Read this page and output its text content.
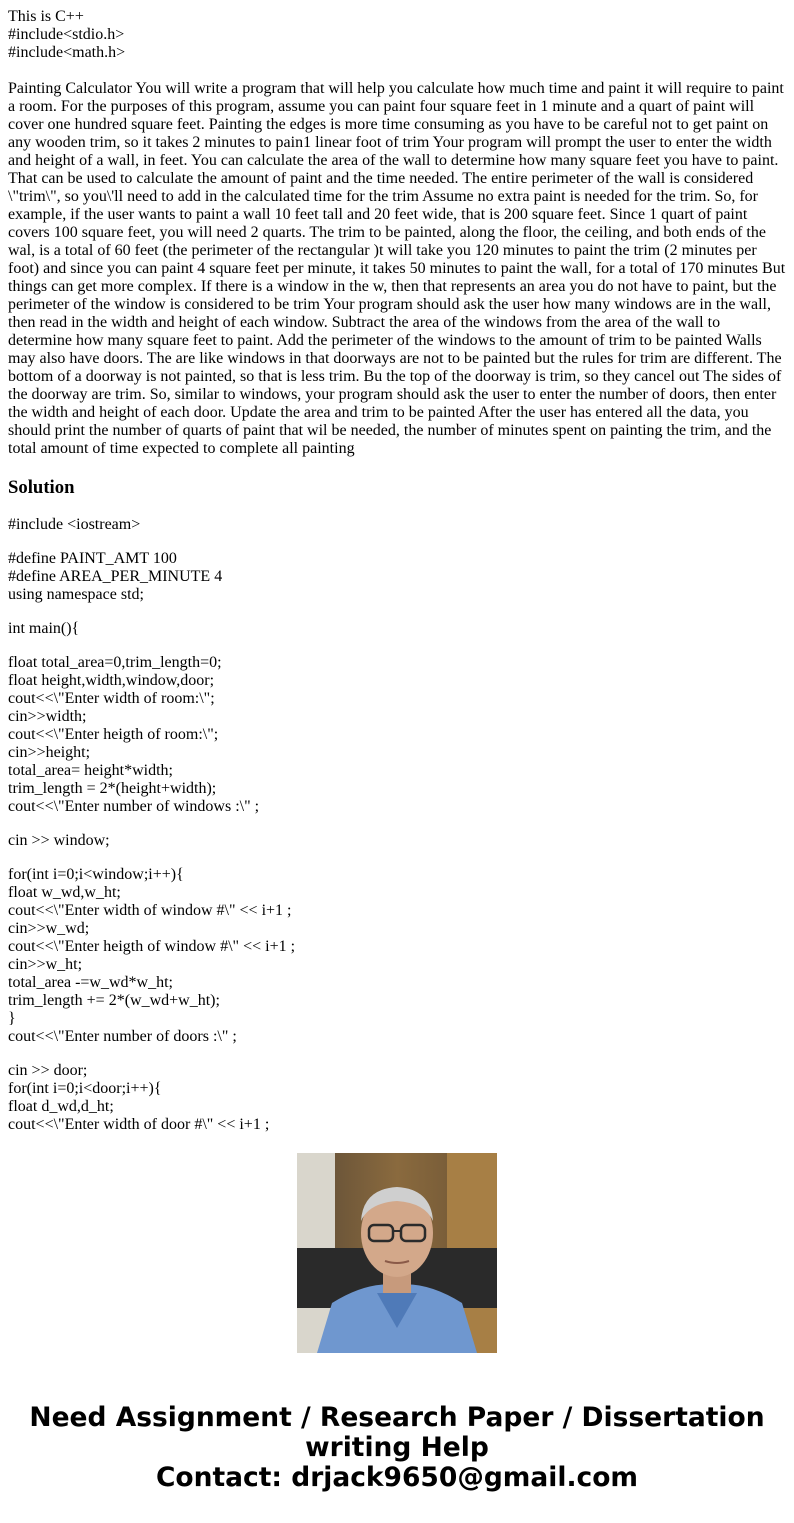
This is C++
#include<stdio.h>
#include<math.h>

Painting Calculator You will write a program that will help you calculate how much time and paint it will require to paint a room. For the purposes of this program, assume you can paint four square feet in 1 minute and a quart of paint will cover one hundred square feet. Painting the edges is more time consuming as you have to be careful not to get paint on any wooden trim, so it takes 2 minutes to pain1 linear foot of trim Your program will prompt the user to enter the width and height of a wall, in feet. You can calculate the area of the wall to determine how many square feet you have to paint. That can be used to calculate the amount of paint and the time needed. The entire perimeter of the wall is considered \"trim\", so you\'ll need to add in the calculated time for the trim Assume no extra paint is needed for the trim. So, for example, if the user wants to paint a wall 10 feet tall and 20 feet wide, that is 200 square feet. Since 1 quart of paint covers 100 square feet, you will need 2 quarts. The trim to be painted, along the floor, the ceiling, and both ends of the wal, is a total of 60 feet (the perimeter of the rectangular )t will take you 120 minutes to paint the trim (2 minutes per foot) and since you can paint 4 square feet per minute, it takes 50 minutes to paint the wall, for a total of 170 minutes But things can get more complex. If there is a window in the w, then that represents an area you do not have to paint, but the perimeter of the window is considered to be trim Your program should ask the user how many windows are in the wall, then read in the width and height of each window. Subtract the area of the windows from the area of the wall to determine how many square feet to paint. Add the perimeter of the windows to the amount of trim to be painted Walls may also have doors. The are like windows in that doorways are not to be painted but the rules for trim are different. The bottom of a doorway is not painted, so that is less trim. Bu the top of the doorway is trim, so they cancel out The sides of the doorway are trim. So, similar to windows, your program should ask the user to enter the number of doors, then enter the width and height of each door. Update the area and trim to be painted After the user has entered all the data, you should print the number of quarts of paint that wil be needed, the number of minutes spent on painting the trim, and the total amount of time expected to complete all painting

Solution
#include <iostream>
#define PAINT_AMT 100
#define AREA_PER_MINUTE 4
using namespace std;
int main(){
float total_area=0,trim_length=0;
float height,width,window,door;
cout<<\"Enter width of room:\";
cin>>width;
cout<<\"Enter heigth of room:\";
cin>>height;
total_area= height*width;
trim_length = 2*(height+width);
cout<<\"Enter number of windows :\" ;
cin >> window;
for(int i=0;i<window;i++){
float w_wd,w_ht;
cout<<\"Enter width of window #\" << i+1 ;
cin>>w_wd;
cout<<\"Enter heigth of window #\" << i+1 ;
cin>>w_ht;
total_area -=w_wd*w_ht;
trim_length += 2*(w_wd+w_ht);
}
cout<<\"Enter number of doors :\" ;
cin >> door;
for(int i=0;i<door;i++){
float d_wd,d_ht;
cout<<\"Enter width of door #\" << i+1 ;
Need Assignment / Research Paper / Dissertation
writing Help
Contact: drjack9650@gmail.com
